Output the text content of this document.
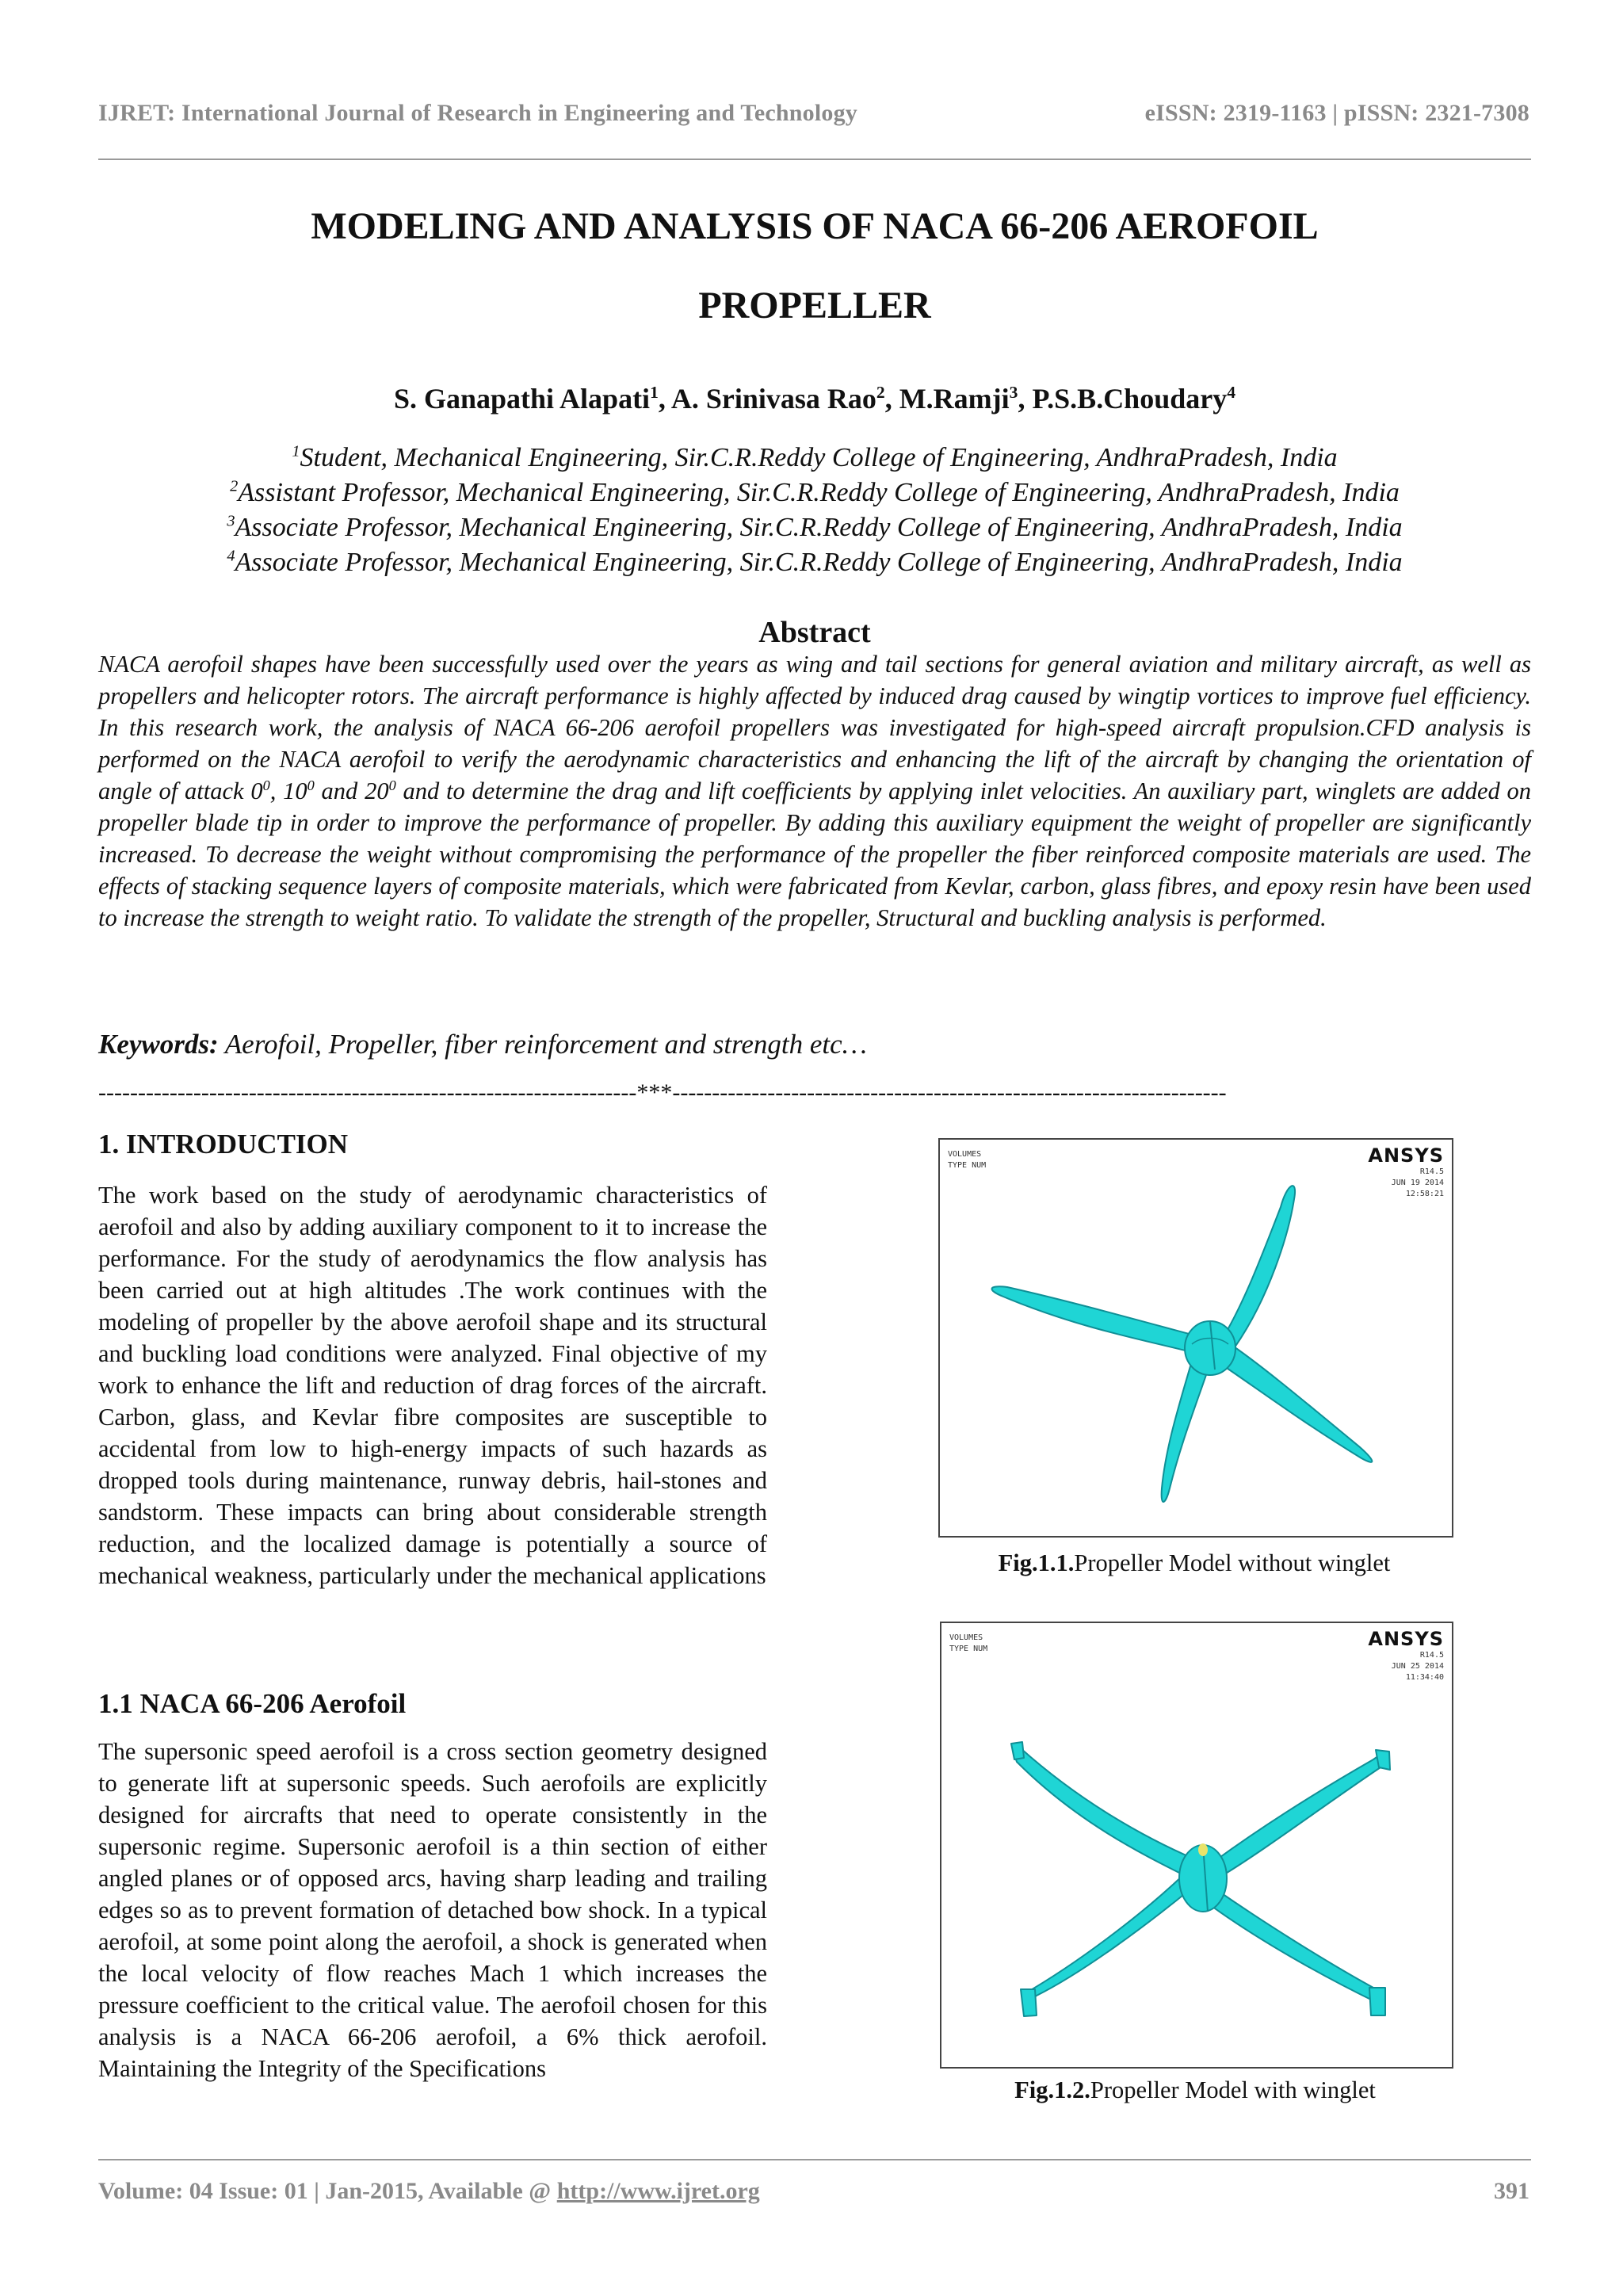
IJRET: International Journal of Research in Engineering and Technology	eISSN: 2319-1163 | pISSN: 2321-7308
MODELING AND ANALYSIS OF NACA 66-206 AEROFOIL
PROPELLER
S. Ganapathi Alapati$^1$, A. Srinivasa Rao$^2$, M.Ramji$^3$, P.S.B.Choudary$^4$
$^1$Student, Mechanical Engineering, Sir.C.R.Reddy College of Engineering, AndhraPradesh, India
$^2$Assistant Professor, Mechanical Engineering, Sir.C.R.Reddy College of Engineering, AndhraPradesh, India
$^3$Associate Professor, Mechanical Engineering, Sir.C.R.Reddy College of Engineering, AndhraPradesh, India
$^4$Associate Professor, Mechanical Engineering, Sir.C.R.Reddy College of Engineering, AndhraPradesh, India
Abstract
NACA aerofoil shapes have been successfully used over the years as wing and tail sections for general aviation and military aircraft, as well as propellers and helicopter rotors. The aircraft performance is highly affected by induced drag caused by wingtip vortices to improve fuel efficiency. In this research work, the analysis of NACA 66-206 aerofoil propellers was investigated for high-speed aircraft propulsion.CFD analysis is performed on the NACA aerofoil to verify the aerodynamic characteristics and enhancing the lift of the aircraft by changing the orientation of angle of attack $0^0$, $10^0$ and $20^0$ and to determine the drag and lift coefficients by applying inlet velocities. An auxiliary part, winglets are added on propeller blade tip in order to improve the performance of propeller. By adding this auxiliary equipment the weight of propeller are significantly increased. To decrease the weight without compromising the performance of the propeller the fiber reinforced composite materials are used. The effects of stacking sequence layers of composite materials, which were fabricated from Kevlar, carbon, glass fibres, and epoxy resin have been used to increase the strength to weight ratio. To validate the strength of the propeller, Structural and buckling analysis is performed.
Keywords: Aerofoil, Propeller, fiber reinforcement and strength etc…
--------------------------------------------------------------------***----------------------------------------------------------------------
1. INTRODUCTION
The work based on the study of aerodynamic characteristics of aerofoil and also by adding auxiliary component to it to increase the performance. For the study of aerodynamics the flow analysis has been carried out at high altitudes .The work continues with the modeling of propeller by the above aerofoil shape and its structural and buckling load conditions were analyzed. Final objective of my work to enhance the lift and reduction of drag forces of the aircraft. Carbon, glass, and Kevlar fibre composites are susceptible to accidental from low to high-energy impacts of such hazards as dropped tools during maintenance, runway debris, hail-stones and sandstorm. These impacts can bring about considerable strength reduction, and the localized damage is potentially a source of mechanical weakness, particularly under the mechanical applications
1.1 NACA 66-206 Aerofoil
The supersonic speed aerofoil is a cross section geometry designed to generate lift at supersonic speeds. Such aerofoils are explicitly designed for aircrafts that need to operate consistently in the supersonic regime. Supersonic aerofoil is a thin section of either angled planes or of opposed arcs, having sharp leading and trailing edges so as to prevent formation of detached bow shock. In a typical aerofoil, at some point along the aerofoil, a shock is generated when the local velocity of flow reaches Mach 1 which increases the pressure coefficient to the critical value. The aerofoil chosen for this analysis is a NACA 66-206 aerofoil, a 6% thick aerofoil. Maintaining the Integrity of the Specifications
VOLUMES
TYPE NUM	ANSYS
R14.5
JUN 19 2014
12:58:21
Fig.1.1.Propeller Model without winglet
VOLUMES
TYPE NUM	ANSYS
R14.5
JUN 25 2014
11:34:40
Fig.1.2.Propeller Model with winglet
Volume: 04 Issue: 01 | Jan-2015, Available @ http://www.ijret.org	391
